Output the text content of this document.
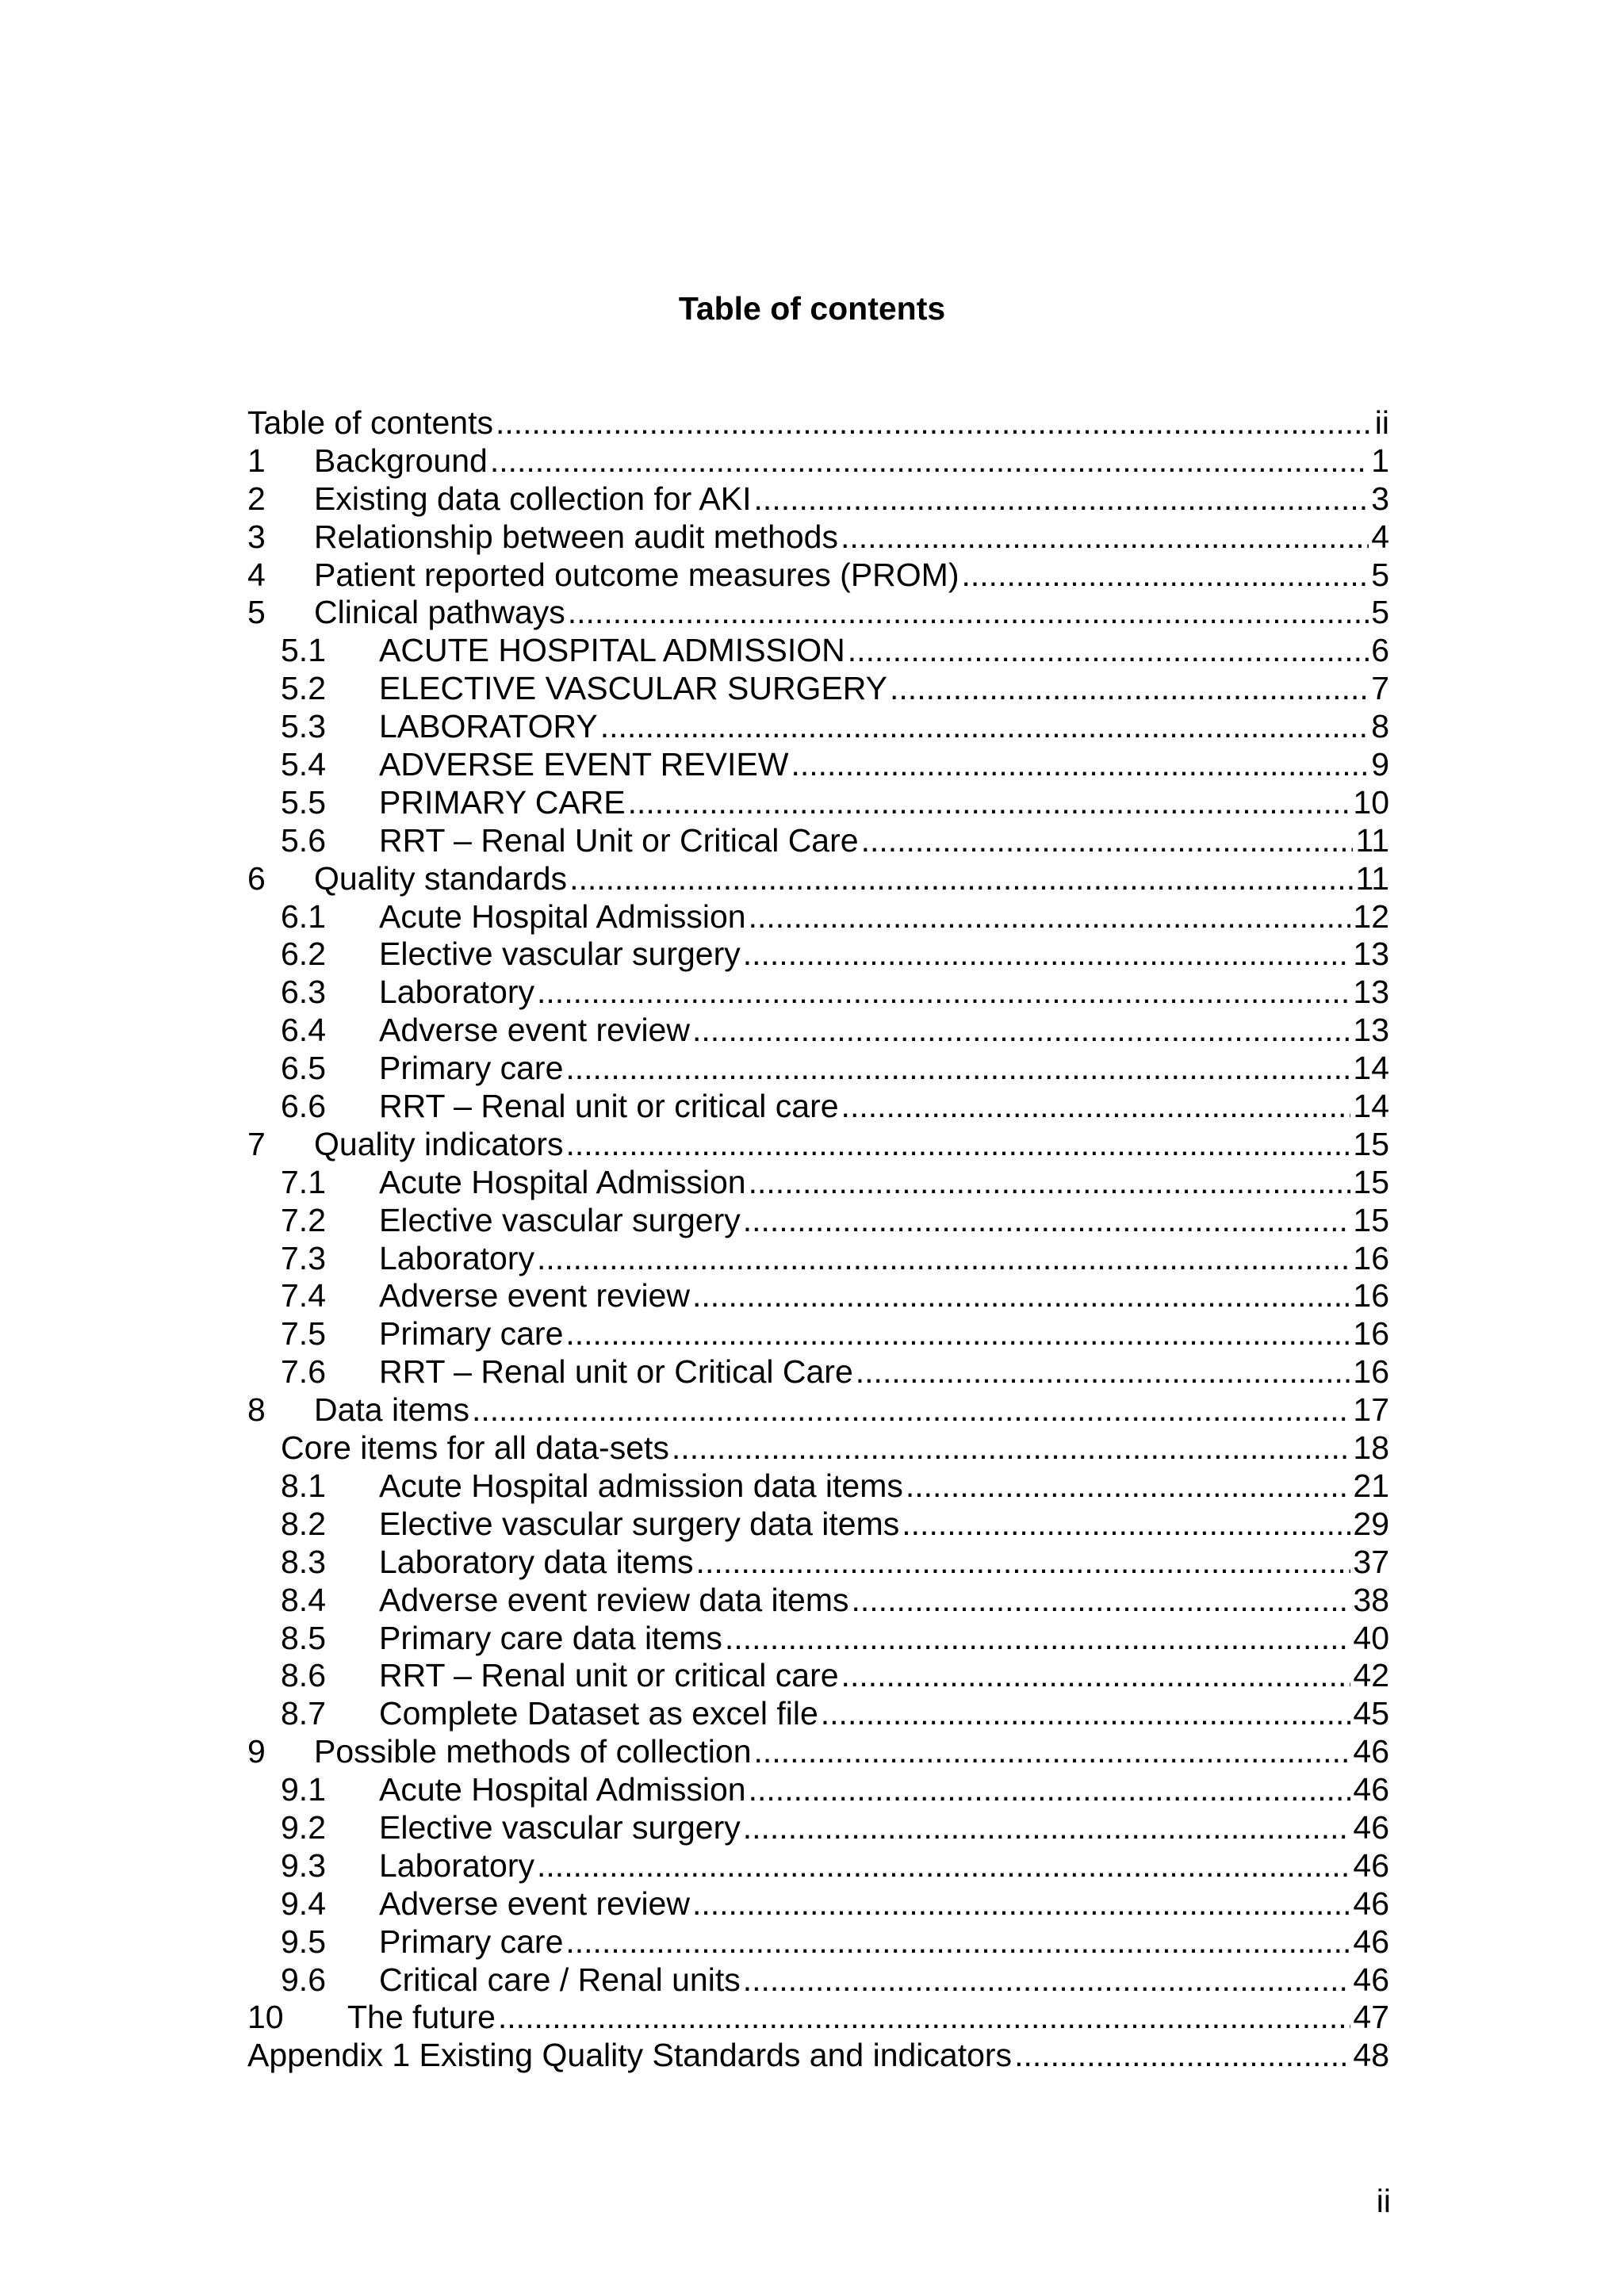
Table of contents
Table of contents .....	ii
1	Background .....	1
2	Existing data collection for AKI .....	3
3	Relationship between audit methods .....	4
4	Patient reported outcome measures (PROM) .....	5
5	Clinical pathways .....	5
5.1	ACUTE HOSPITAL ADMISSION .....	6
5.2	ELECTIVE VASCULAR SURGERY .....	7
5.3	LABORATORY .....	8
5.4	ADVERSE EVENT REVIEW .....	9
5.5	PRIMARY CARE .....	10
5.6	RRT – Renal Unit or Critical Care .....	11
6	Quality standards .....	11
6.1	Acute Hospital Admission .....	12
6.2	Elective vascular surgery .....	13
6.3	Laboratory .....	13
6.4	Adverse event review .....	13
6.5	Primary care .....	14
6.6	RRT – Renal unit or critical care .....	14
7	Quality indicators .....	15
7.1	Acute Hospital Admission .....	15
7.2	Elective vascular surgery .....	15
7.3	Laboratory .....	16
7.4	Adverse event review .....	16
7.5	Primary care .....	16
7.6	RRT – Renal unit or Critical Care .....	16
8	Data items .....	17
Core items for all data-sets .....	18
8.1	Acute Hospital admission data items .....	21
8.2	Elective vascular surgery data items .....	29
8.3	Laboratory data items .....	37
8.4	Adverse event review data items .....	38
8.5	Primary care data items .....	40
8.6	RRT – Renal unit or critical care .....	42
8.7	Complete Dataset as excel file .....	45
9	Possible methods of collection .....	46
9.1	Acute Hospital Admission .....	46
9.2	Elective vascular surgery .....	46
9.3	Laboratory .....	46
9.4	Adverse event review .....	46
9.5	Primary care .....	46
9.6	Critical care / Renal units .....	46
10	The future .....	47
Appendix 1 Existing Quality Standards and indicators .....	48
ii
